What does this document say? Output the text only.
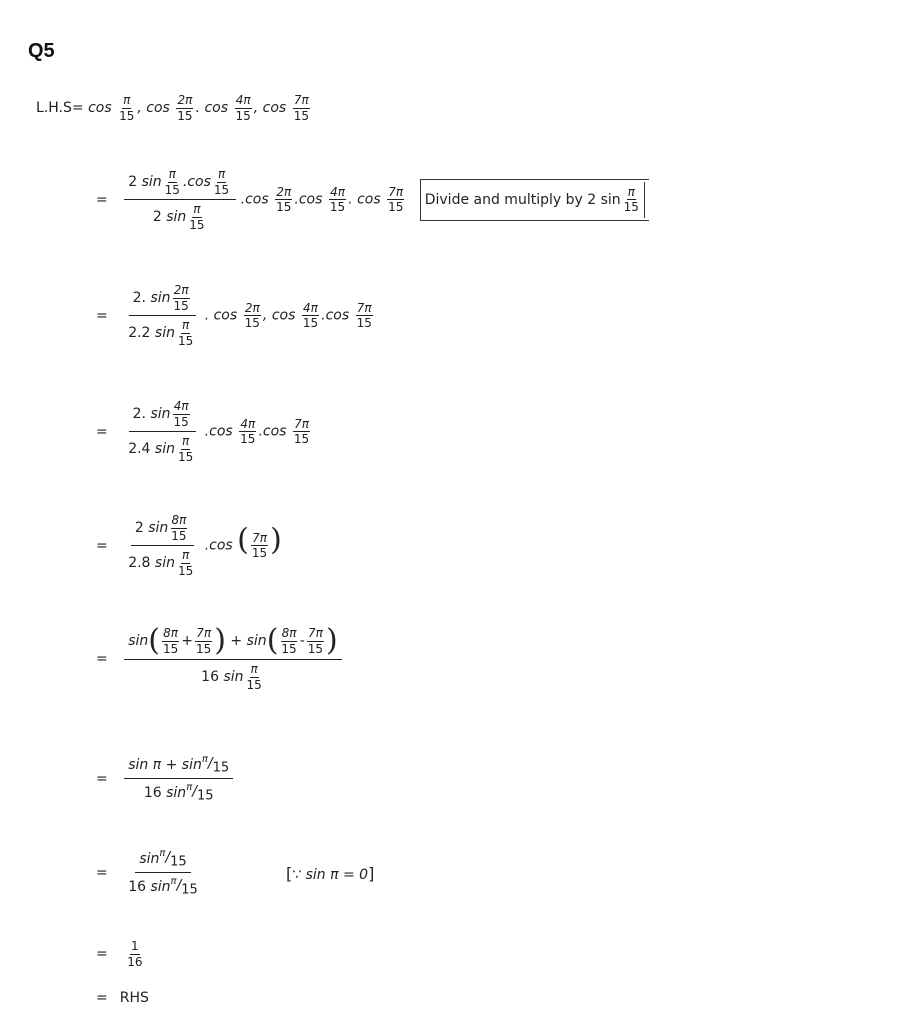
Q5
$L.H.S= \cos \frac{\pi}{15}$ , $\cos \frac{2\pi}{15}$ . $\cos \frac{4\pi}{15}$ , $\cos \frac{7\pi}{15}$
= 2
$\sin \frac{\pi}{15}$ . $\cos \frac{\pi}{15}$
2
$\sin \frac{\pi}{15} .\cos \frac{2\pi}{15} .\cos \frac{4\pi}{15}$ . $\cos \frac{7\pi}{15}$
Divide and multiply by 2 $\sin \frac{\pi}{15}$
= 2.
$\sin \frac{2\pi}{15}$
2.2
$\sin \frac{\pi}{15}$ . $\cos \frac{2\pi}{15}$ , $\cos \frac{4\pi}{15} .\cos \frac{7\pi}{15}$
= 2.
$\sin \frac{4\pi}{15}$
2.4
$\sin \frac{\pi}{15} .\cos \frac{4\pi}{15} .\cos \frac{7\pi}{15}$
= 2
$\sin \frac{8\pi}{15}$
2.8
$\sin \frac{\pi}{15} .\cos$ ( $\frac{7\pi}{15}$ )
= sin ( $\frac{8\pi}{15} + \frac{7\pi}{15}$ ) + sin ( $\frac{8\pi}{15} - \frac{7\pi}{15}$ )
16
$\sin \frac{\pi}{15}$
= sin
$\pi + \sin ^\pi/_{15}$
16
$\sin ^\pi/_{15}$
= $\sin ^\pi/_{15}$
16
$\sin ^\pi/_{15}$	[∵ sin π = 0]
= $\frac{1}{16}$
= RHS
